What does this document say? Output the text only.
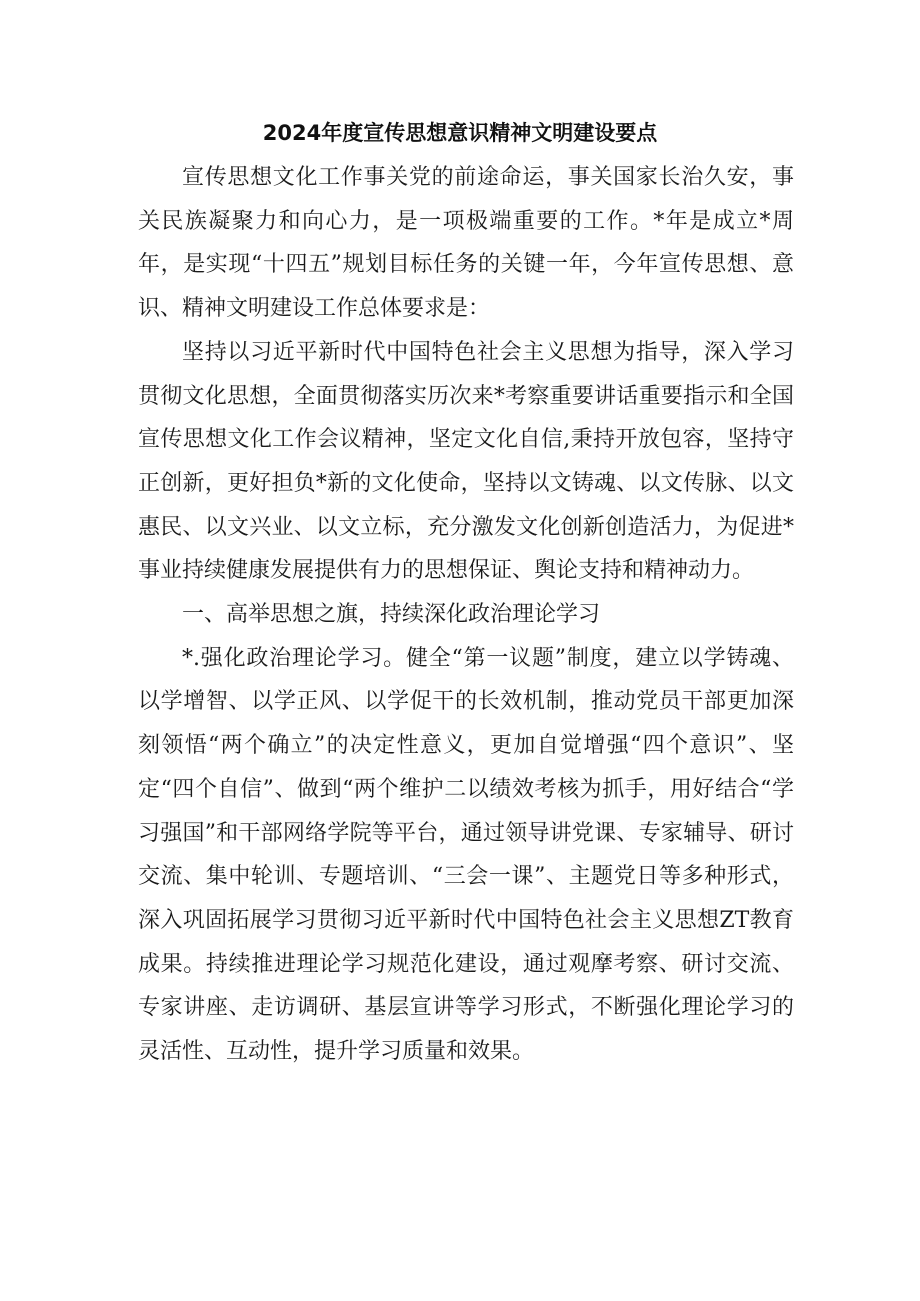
2024年度宣传思想意识精神文明建设要点

宣传思想文化工作事关党的前途命运，事关国家长治久安，事关民族凝聚力和向心力，是一项极端重要的工作。*年是成立*周年，是实现“十四五”规划目标任务的关键一年，今年宣传思想、意识、精神文明建设工作总体要求是：

坚持以习近平新时代中国特色社会主义思想为指导，深入学习贯彻文化思想，全面贯彻落实历次来*考察重要讲话重要指示和全国宣传思想文化工作会议精神，坚定文化自信,秉持开放包容，坚持守正创新，更好担负*新的文化使命，坚持以文铸魂、以文传脉、以文惠民、以文兴业、以文立标，充分激发文化创新创造活力，为促进*事业持续健康发展提供有力的思想保证、舆论支持和精神动力。

一、高举思想之旗，持续深化政治理论学习

*.强化政治理论学习。健全“第一议题”制度，建立以学铸魂、以学增智、以学正风、以学促干的长效机制，推动党员干部更加深刻领悟“两个确立”的决定性意义，更加自觉增强“四个意识”、坚定“四个自信”、做到“两个维护二以绩效考核为抓手，用好结合“学习强国”和干部网络学院等平台，通过领导讲党课、专家辅导、研讨交流、集中轮训、专题培训、“三会一课”、主题党日等多种形式，深入巩固拓展学习贯彻习近平新时代中国特色社会主义思想ZT教育成果。持续推进理论学习规范化建设，通过观摩考察、研讨交流、专家讲座、走访调研、基层宣讲等学习形式，不断强化理论学习的灵活性、互动性，提升学习质量和效果。
